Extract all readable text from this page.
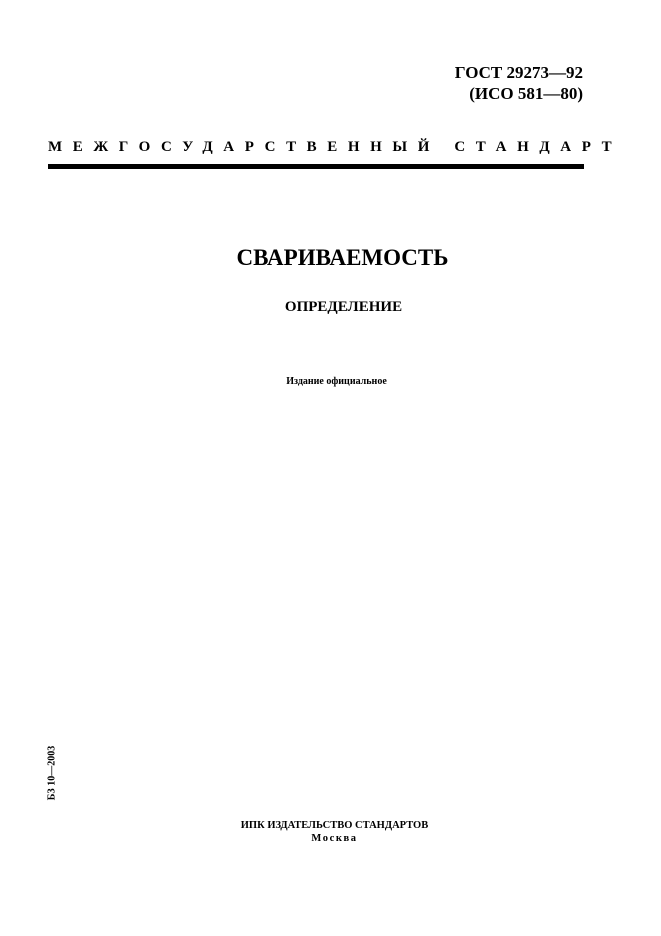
ГОСТ 29273—92
(ИСО 581—80)
МЕЖГОСУДАРСТВЕННЫЙ СТАНДАРТ
СВАРИВАЕМОСТЬ
ОПРЕДЕЛЕНИЕ
Издание официальное
БЗ 10—2003
ИПК ИЗДАТЕЛЬСТВО СТАНДАРТОВ
Москва
